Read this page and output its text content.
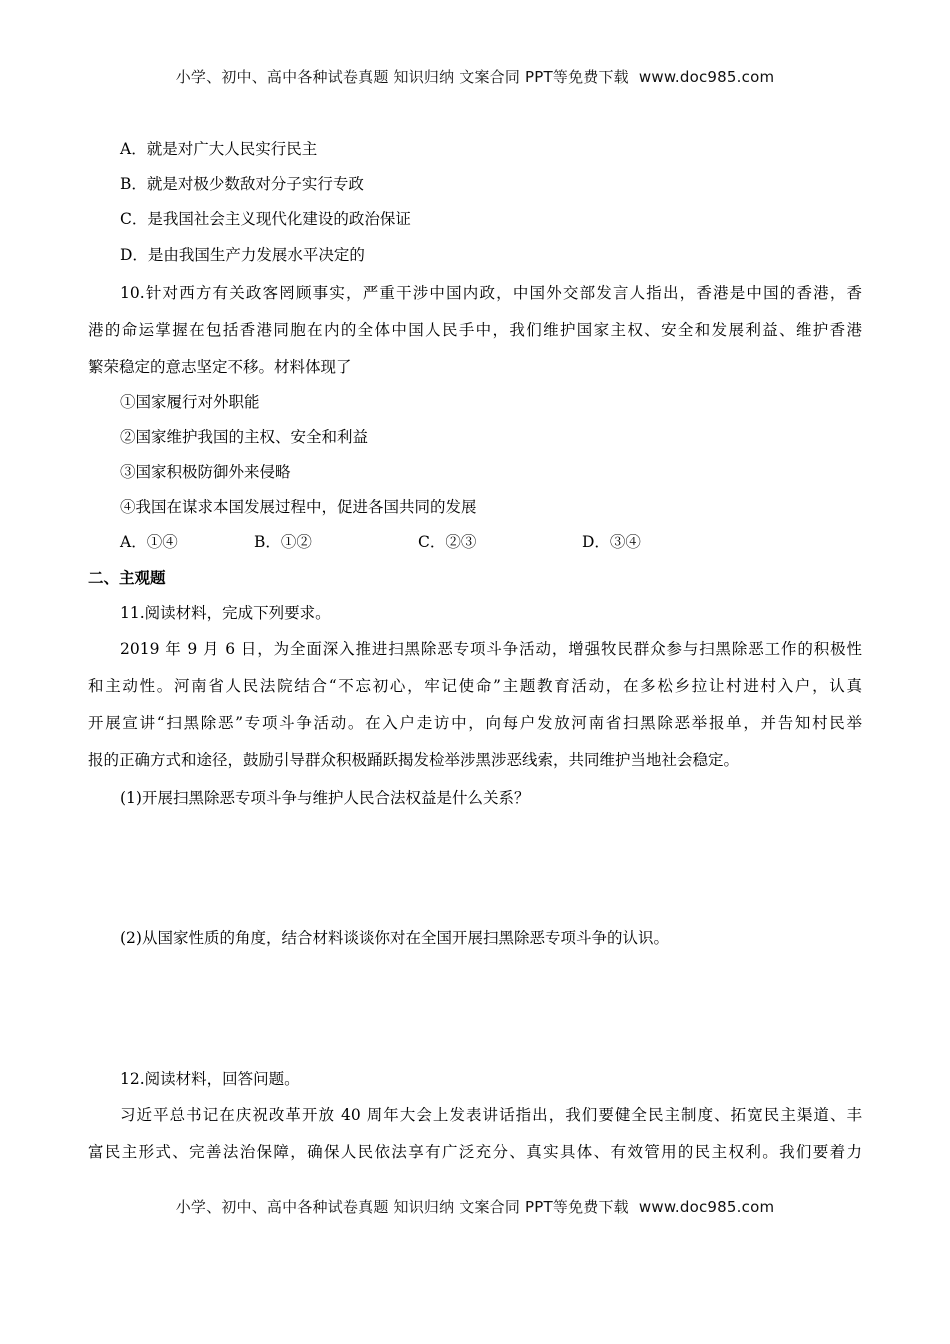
小学、初中、高中各种试卷真题 知识归纳 文案合同 PPT等免费下载 www.doc985.com
A．就是对广大人民实行民主
B．就是对极少数敌对分子实行专政
C．是我国社会主义现代化建设的政治保证
D．是由我国生产力发展水平决定的
10.针对西方有关政客罔顾事实，严重干涉中国内政，中国外交部发言人指出，香港是中国的香港，香
港的命运掌握在包括香港同胞在内的全体中国人民手中，我们维护国家主权、安全和发展利益、维护香港
繁荣稳定的意志坚定不移。材料体现了
①国家履行对外职能
②国家维护我国的主权、安全和利益
③国家积极防御外来侵略
④我国在谋求本国发展过程中，促进各国共同的发展
A．①④	B．①②	C．②③	D．③④
二、主观题
11.阅读材料，完成下列要求。
2019 年 9 月 6 日，为全面深入推进扫黑除恶专项斗争活动，增强牧民群众参与扫黑除恶工作的积极性
和主动性。河南省人民法院结合“不忘初心，牢记使命”主题教育活动，在多松乡拉让村进村入户，认真
开展宣讲“扫黑除恶”专项斗争活动。在入户走访中，向每户发放河南省扫黑除恶举报单，并告知村民举
报的正确方式和途径，鼓励引导群众积极踊跃揭发检举涉黑涉恶线索，共同维护当地社会稳定。
(1)开展扫黑除恶专项斗争与维护人民合法权益是什么关系？
(2)从国家性质的角度，结合材料谈谈你对在全国开展扫黑除恶专项斗争的认识。
12.阅读材料，回答问题。
习近平总书记在庆祝改革开放 40 周年大会上发表讲话指出，我们要健全民主制度、拓宽民主渠道、丰
富民主形式、完善法治保障，确保人民依法享有广泛充分、真实具体、有效管用的民主权利。我们要着力
小学、初中、高中各种试卷真题 知识归纳 文案合同 PPT等免费下载 www.doc985.com
